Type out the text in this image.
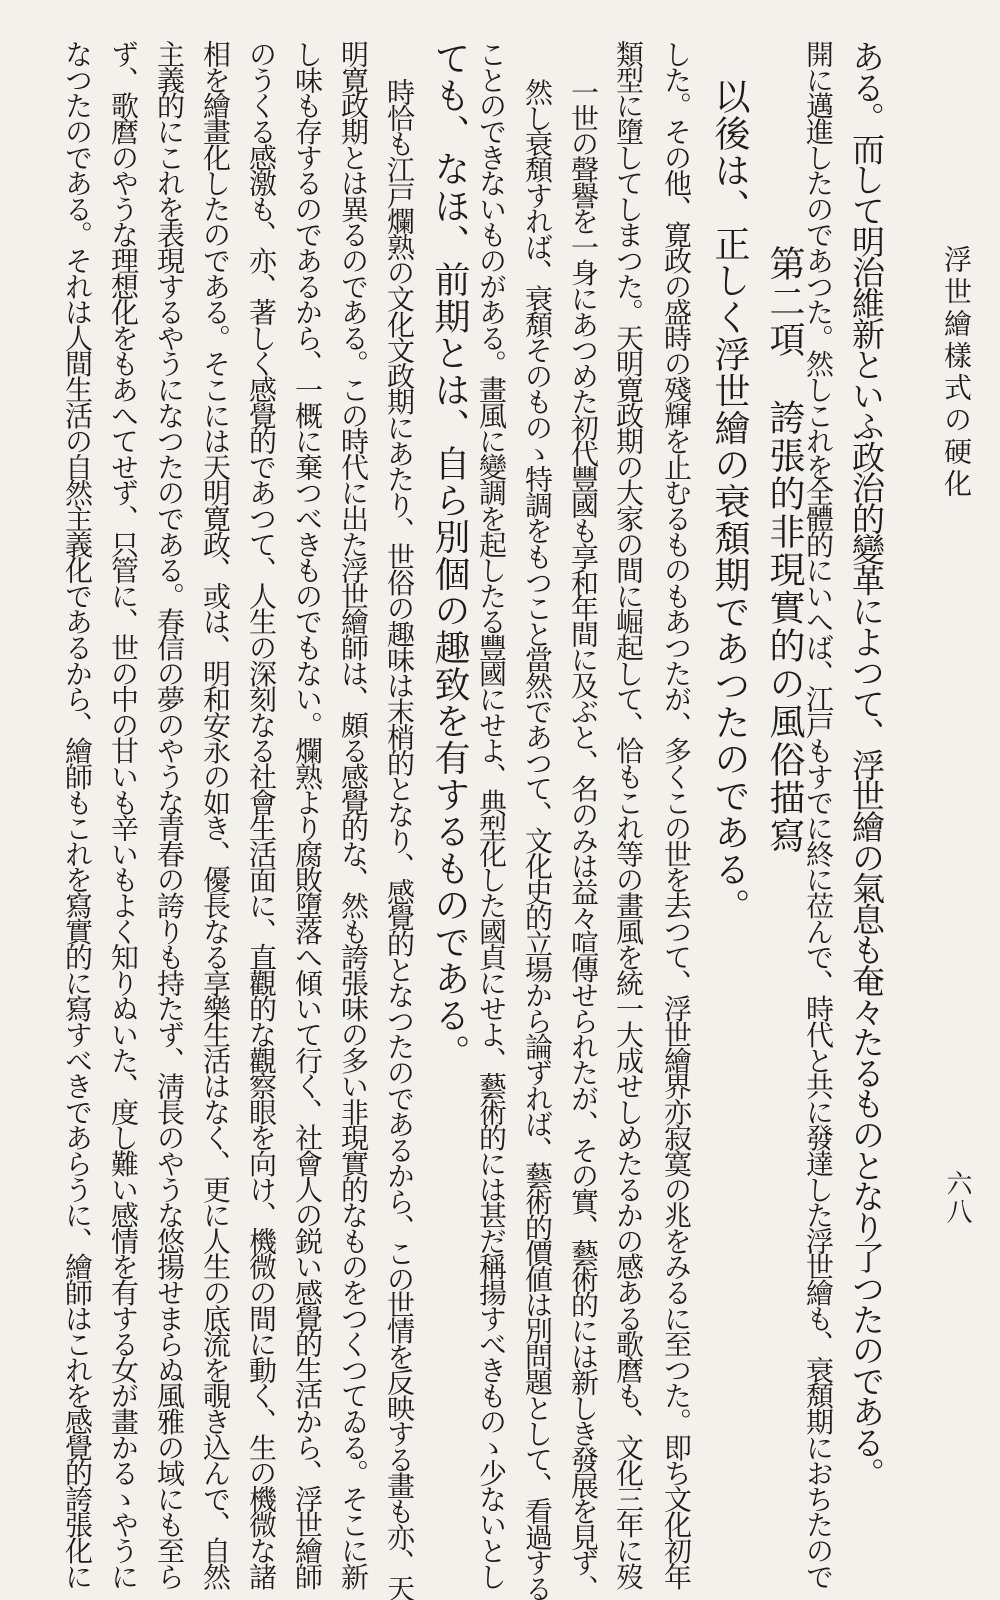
浮世繪樣式の硬化
六八
ある。而して明治維新といふ政治的變革によつて、浮世繪の氣息も奄々たるものとなり了つたのである。
開に邁進したのであつた。然しこれを全體的にいへば、江戸もすでに終に莅んで、時代と共に發達した浮世繪も、衰頽期におちたので
第二項誇張的非現實的の風俗描寫
以後は、正しく浮世繪の衰頽期であつたのである。
した。その他、寛政の盛時の殘輝を止むるものもあつたが、多くこの世を去つて、浮世繪界亦寂寞の兆をみるに至つた。即ち文化初年
類型に墮してしまつた。天明寛政期の大家の間に崛起して、恰もこれ等の畫風を統一大成せしめたるかの感ある歌麿も、文化三年に歿
一世の聲譽を一身にあつめた初代豐國も享和年間に及ぶと、名のみは益々喧傳せられたが、その實、藝術的には新しき發展を見ず、
然し衰頽すれば、衰頽そのものゝ特調をもつこと當然であつて、文化史的立場から論ずれば、藝術的價値は別問題として、看過する
ことのできないものがある。畫風に變調を起したる豐國にせよ、典型化した國貞にせよ、藝術的には甚だ稱揚すべきものゝ少ないとし
ても、なほ、前期とは、自ら別個の趣致を有するものである。
時恰も江戸爛熟の文化文政期にあたり、世俗の趣味は末梢的となり、感覺的となつたのであるから、この世情を反映する畫も亦、天
明寛政期とは異るのである。この時代に出た浮世繪師は、頗る感覺的な、然も誇張味の多い非現實的なものをつくつてゐる。そこに新
し味も存するのであるから、一概に棄つべきものでもない。爛熟より腐敗墮落へ傾いて行く、社會人の鋭い感覺的生活から、浮世繪師
のうくる感激も、亦、著しく感覺的であつて、人生の深刻なる社會生活面に、直觀的な觀察眼を向け、機微の間に動く、生の機微な諸
相を繪畫化したのである。そこには天明寛政、或は、明和安永の如き、優長なる享樂生活はなく、更に人生の底流を覗き込んで、自然
主義的にこれを表現するやうになつたのである。春信の夢のやうな青春の誇りも持たず、淸長のやうな悠揚せまらぬ風雅の域にも至ら
ず、歌麿のやうな理想化をもあへてせず、只管に、世の中の甘いも辛いもよく知りぬいた、度し難い感情を有する女が畫かるゝやうに
なつたのである。それは人間生活の自然主義化であるから、繪師もこれを寫實的に寫すべきであらうに、繪師はこれを感覺的誇張化に
